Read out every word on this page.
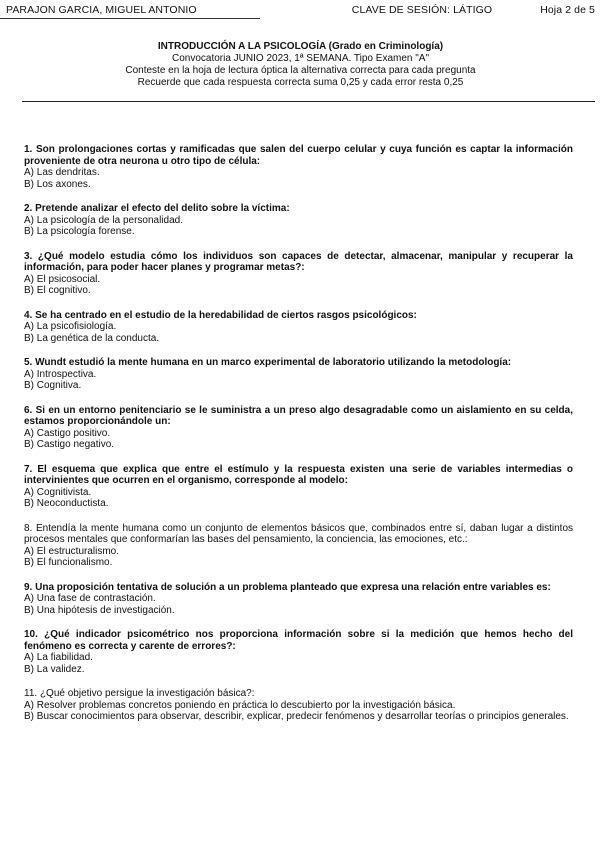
PARAJON GARCIA, MIGUEL ANTONIO	CLAVE DE SESIÓN: LÁTIGO	Hoja 2 de 5
INTRODUCCIÓN A LA PSICOLOGÍA (Grado en Criminología)
Convocatoria JUNIO 2023, 1ª SEMANA. Tipo Examen "A"
Conteste en la hoja de lectura óptica la alternativa correcta para cada pregunta
Recuerde que cada respuesta correcta suma 0,25 y cada error resta 0,25
1. Son prolongaciones cortas y ramificadas que salen del cuerpo celular y cuya función es captar la información proveniente de otra neurona u otro tipo de célula:
A) Las dendritas.
B) Los axones.
2. Pretende analizar el efecto del delito sobre la víctima:
A) La psicología de la personalidad.
B) La psicología forense.
3. ¿Qué modelo estudia cómo los individuos son capaces de detectar, almacenar, manipular y recuperar la información, para poder hacer planes y programar metas?:
A) El psicosocial.
B) El cognitivo.
4. Se ha centrado en el estudio de la heredabilidad de ciertos rasgos psicológicos:
A) La psicofisiología.
B) La genética de la conducta.
5. Wundt estudió la mente humana en un marco experimental de laboratorio utilizando la metodología:
A) Introspectiva.
B) Cognitiva.
6. Si en un entorno penitenciario se le suministra a un preso algo desagradable como un aislamiento en su celda, estamos proporcionándole un:
A) Castigo positivo.
B) Castigo negativo.
7. El esquema que explica que entre el estímulo y la respuesta existen una serie de variables intermedias o intervinientes que ocurren en el organismo, corresponde al modelo:
A) Cognitivista.
B) Neoconductista.
8. Entendía la mente humana como un conjunto de elementos básicos que, combinados entre sí, daban lugar a distintos procesos mentales que conformarían las bases del pensamiento, la conciencia, las emociones, etc.:
A) El estructuralismo.
B) El funcionalismo.
9. Una proposición tentativa de solución a un problema planteado que expresa una relación entre variables es:
A) Una fase de contrastación.
B) Una hipótesis de investigación.
10. ¿Qué indicador psicométrico nos proporciona información sobre si la medición que hemos hecho del fenómeno es correcta y carente de errores?:
A) La fiabilidad.
B) La validez.
11. ¿Qué objetivo persigue la investigación básica?:
A) Resolver problemas concretos poniendo en práctica lo descubierto por la investigación básica.
B) Buscar conocimientos para observar, describir, explicar, predecir fenómenos y desarrollar teorías o principios generales.
